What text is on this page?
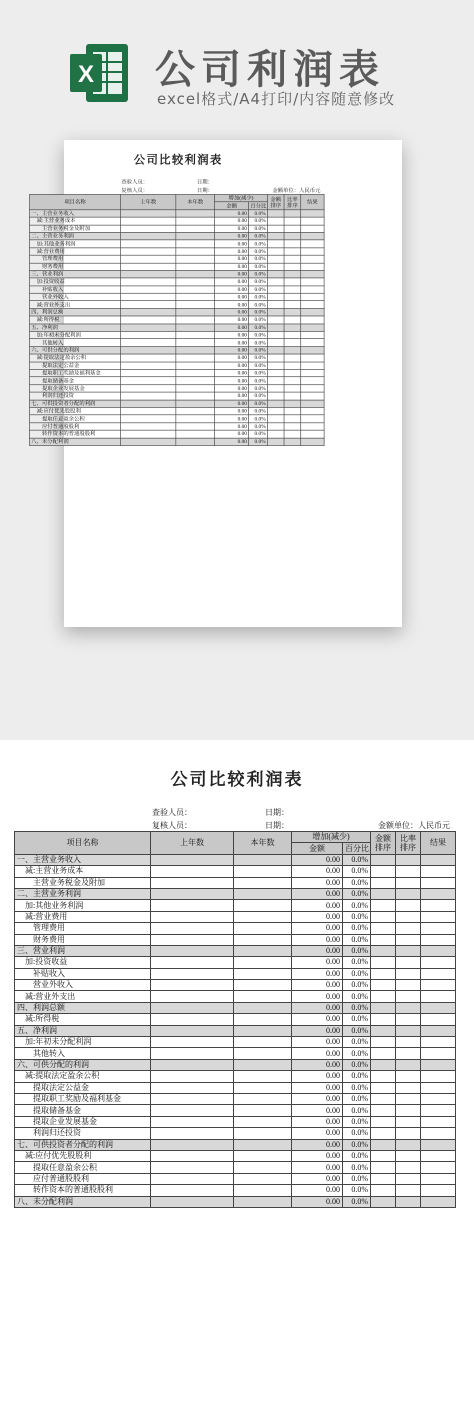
X 公司利润表
excel格式/A4打印/内容随意修改
公司比较利润表
查验人员：	日期：
复核人员：	日期：	金额单位：人民币元
项目名称	上年数	本年数	增加(减少)		金额排序	比率排序	结果
			金额	百分比			
一、主营业务收入			0.00	0.0%			
　减:主营业务成本			0.00	0.0%			
　　主营业务税金及附加			0.00	0.0%			
二、主营业务利润			0.00	0.0%			
　加:其他业务利润			0.00	0.0%			
　减:营业费用			0.00	0.0%			
　　管理费用			0.00	0.0%			
　　财务费用			0.00	0.0%			
三、营业利润			0.00	0.0%			
　加:投资收益			0.00	0.0%			
　　补贴收入			0.00	0.0%			
　　营业外收入			0.00	0.0%			
　减:营业外支出			0.00	0.0%			
四、利润总额			0.00	0.0%			
　减:所得税			0.00	0.0%			
五、净利润			0.00	0.0%			
　加:年初未分配利润			0.00	0.0%			
　　其他转入			0.00	0.0%			
六、可供分配的利润			0.00	0.0%			
　减:提取法定盈余公积			0.00	0.0%			
　　提取法定公益金			0.00	0.0%			
　　提取职工奖励及福利基金			0.00	0.0%			
　　提取储备基金			0.00	0.0%			
　　提取企业发展基金			0.00	0.0%			
　　利润归还投资			0.00	0.0%			
七、可供投资者分配的利润			0.00	0.0%			
　减:应付优先股股利			0.00	0.0%			
　　提取任意盈余公积			0.00	0.0%			
　　应付普通股股利			0.00	0.0%			
　　转作资本的普通股股利			0.00	0.0%			
八、未分配利润			0.00	0.0%			
公司比较利润表
查验人员：	日期：
复核人员：	日期：	金额单位：人民币元
项目名称	上年数	本年数	增加(减少)		金额排序	比率排序	结果
			金额	百分比			
一、主营业务收入			0.00	0.0%			
　减:主营业务成本			0.00	0.0%			
　　主营业务税金及附加			0.00	0.0%			
二、主营业务利润			0.00	0.0%			
　加:其他业务利润			0.00	0.0%			
　减:营业费用			0.00	0.0%			
　　管理费用			0.00	0.0%			
　　财务费用			0.00	0.0%			
三、营业利润			0.00	0.0%			
　加:投资收益			0.00	0.0%			
　　补贴收入			0.00	0.0%			
　　营业外收入			0.00	0.0%			
　减:营业外支出			0.00	0.0%			
四、利润总额			0.00	0.0%			
　减:所得税			0.00	0.0%			
五、净利润			0.00	0.0%			
　加:年初未分配利润			0.00	0.0%			
　　其他转入			0.00	0.0%			
六、可供分配的利润			0.00	0.0%			
　减:提取法定盈余公积			0.00	0.0%			
　　提取法定公益金			0.00	0.0%			
　　提取职工奖励及福利基金			0.00	0.0%			
　　提取储备基金			0.00	0.0%			
　　提取企业发展基金			0.00	0.0%			
　　利润归还投资			0.00	0.0%			
七、可供投资者分配的利润			0.00	0.0%			
　减:应付优先股股利			0.00	0.0%			
　　提取任意盈余公积			0.00	0.0%			
　　应付普通股股利			0.00	0.0%			
　　转作资本的普通股股利			0.00	0.0%			
八、未分配利润			0.00	0.0%			
